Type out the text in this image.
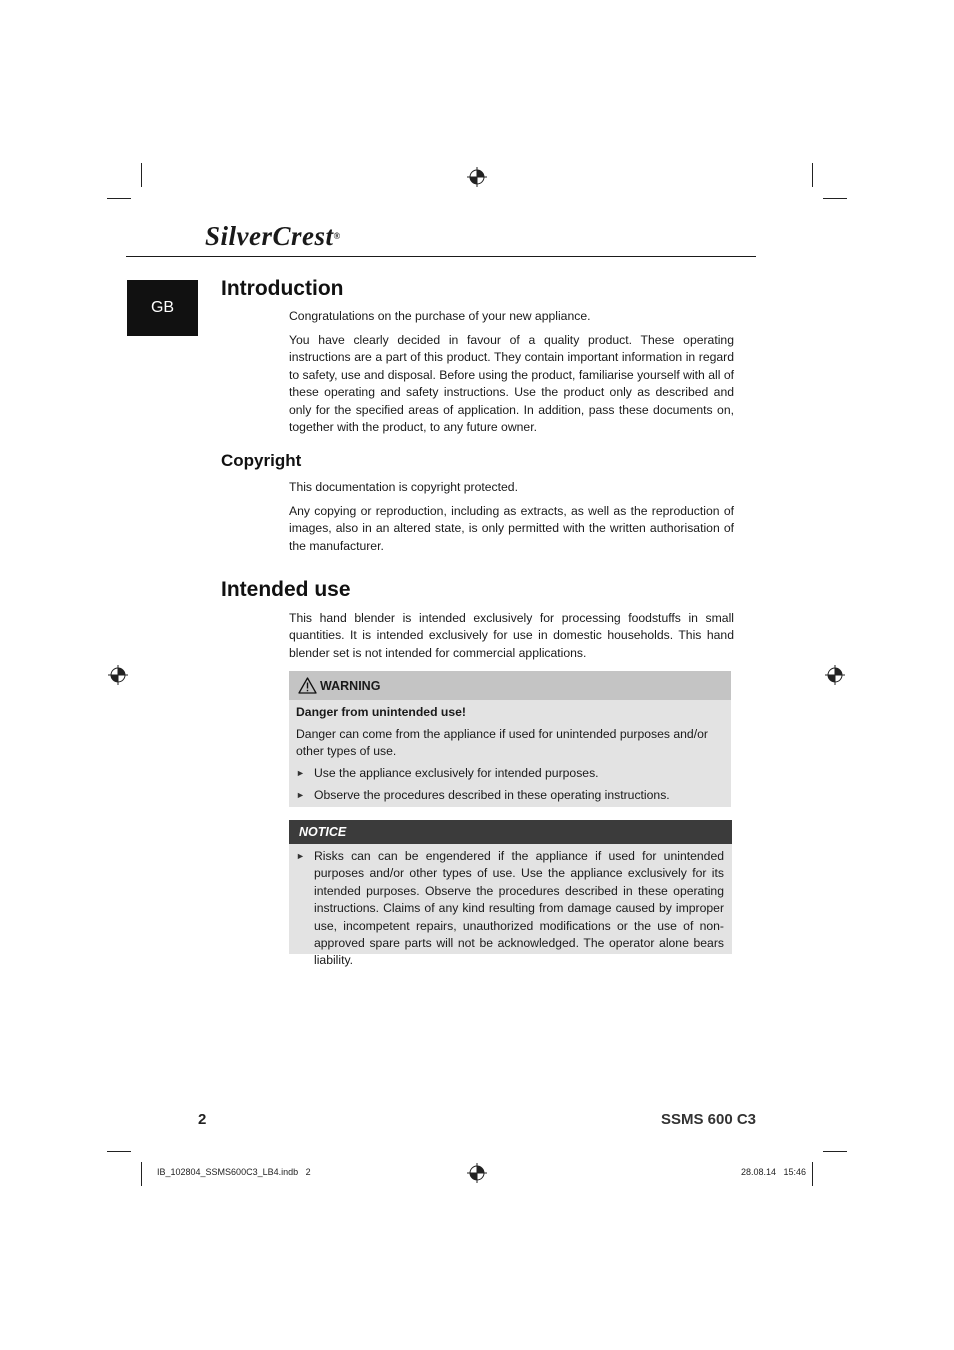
SilverCrest®
GB
Introduction

Congratulations on the purchase of your new appliance.

You have clearly decided in favour of a quality product. These operating instructions are a part of this product. They contain important information in regard to safety, use and disposal. Before using the product, familiarise yourself with all of these operating and safety instructions. Use the product only as described and only for the specified areas of application. In addition, pass these documents on, together with the product, to any future owner.

Copyright

This documentation is copyright protected.

Any copying or reproduction, including as extracts, as well as the reproduction of images, also in an altered state, is only permitted with the written authorisation of the manufacturer.

Intended use

This hand blender is intended exclusively for processing foodstuffs in small quantities. It is intended exclusively for use in domestic households. This hand blender set is not intended for commercial applications.

WARNING

Danger from unintended use!

Danger can come from the appliance if used for unintended purposes and/or other types of use.

► Use the appliance exclusively for intended purposes.
► Observe the procedures described in these operating instructions.
NOTICE
► Risks can can be engendered if the appliance if used for unintended purposes and/or other types of use. Use the appliance exclusively for its intended purposes. Observe the procedures described in these operating instructions. Claims of any kind resulting from damage caused by improper use, incompetent repairs, unauthorized modifications or the use of non-approved spare parts will not be acknowledged. The operator alone bears liability.
2	SSMS 600 C3
IB_102804_SSMS600C3_LB4.indb   2	28.08.14   15:46
